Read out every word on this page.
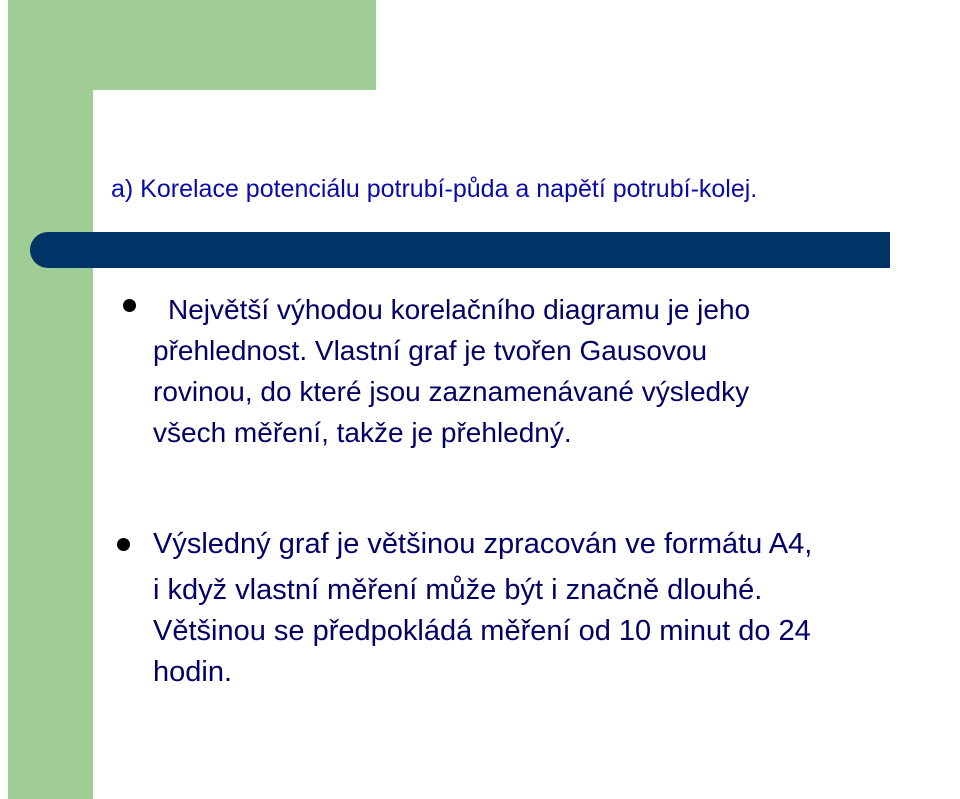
a) Korelace potenciálu potrubí-půda a napětí potrubí-kolej.
Největší výhodou korelačního diagramu je jeho
přehlednost. Vlastní graf je tvořen Gausovou
rovinou, do které jsou zaznamenávané výsledky
všech měření, takže je přehledný.
Výsledný graf je většinou zpracován ve formátu A4,
i když vlastní měření může být i značně dlouhé.
Většinou se předpokládá měření od 10 minut do 24
hodin.
